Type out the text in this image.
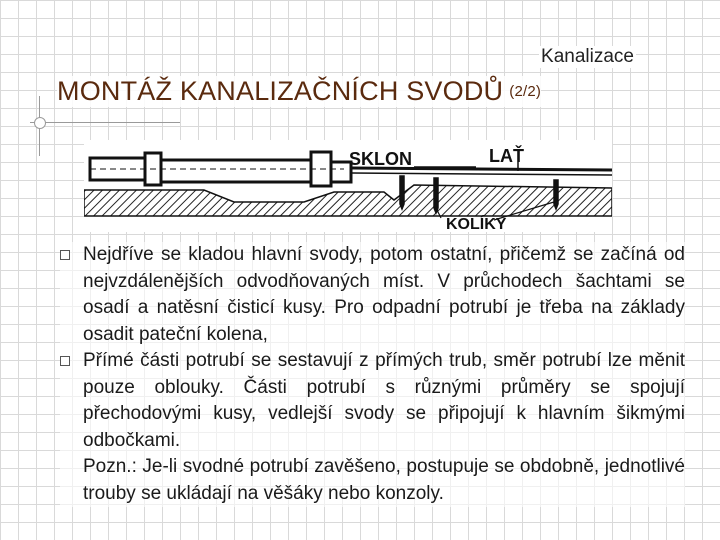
Kanalizace
MONTÁŽ KANALIZAČNÍCH SVODŮ (2/2)
SKLON	LAŤ
KOLÍKY
Nejdříve se kladou hlavní svody, potom ostatní, přičemž se začíná od nejvzdálenějších odvodňovaných míst. V průchodech šachtami se osadí a natěsní čisticí kusy. Pro odpadní potrubí je třeba na základy osadit pateční kolena,
Přímé části potrubí se sestavují z přímých trub, směr potrubí lze měnit pouze oblouky. Části potrubí s různými průměry se spojují přechodovými kusy, vedlejší svody se připojují k hlavním šikmými odbočkami.
Pozn.: Je-li svodné potrubí zavěšeno, postupuje se obdobně, jednotlivé trouby se ukládají na věšáky nebo konzoly.
